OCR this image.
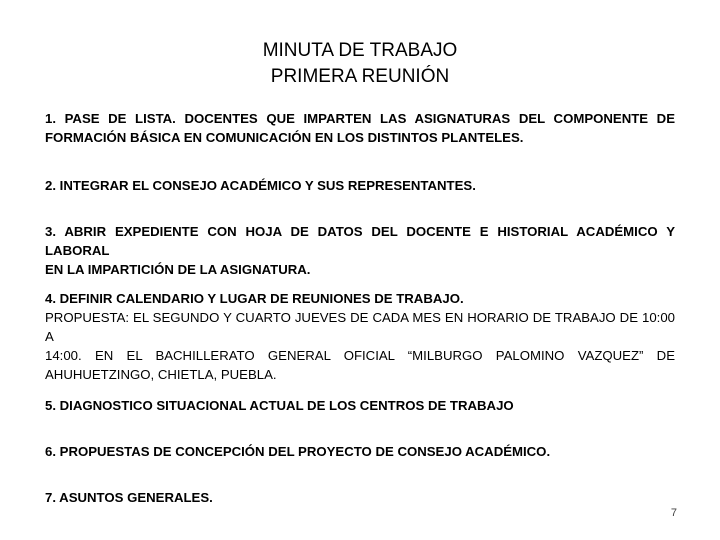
MINUTA DE TRABAJO
PRIMERA REUNIÓN

1. PASE DE LISTA. DOCENTES QUE IMPARTEN LAS ASIGNATURAS DEL COMPONENTE DE

FORMACIÓN BÁSICA EN COMUNICACIÓN EN LOS DISTINTOS PLANTELES.

2. INTEGRAR EL CONSEJO ACADÉMICO Y SUS REPRESENTANTES.

3. ABRIR EXPEDIENTE CON HOJA DE DATOS DEL DOCENTE E HISTORIAL ACADÉMICO Y LABORAL

EN LA IMPARTICIÓN DE LA ASIGNATURA.

4. DEFINIR CALENDARIO Y LUGAR DE REUNIONES DE TRABAJO.

PROPUESTA: EL SEGUNDO Y CUARTO JUEVES DE CADA MES EN HORARIO DE TRABAJO DE 10:00 A

14:00. EN EL BACHILLERATO GENERAL OFICIAL “MILBURGO PALOMINO VAZQUEZ” DE

AHUHUETZINGO, CHIETLA, PUEBLA.

5. DIAGNOSTICO SITUACIONAL ACTUAL DE LOS CENTROS DE TRABAJO

6. PROPUESTAS DE CONCEPCIÓN DEL PROYECTO DE CONSEJO ACADÉMICO.

7. ASUNTOS GENERALES.

7
